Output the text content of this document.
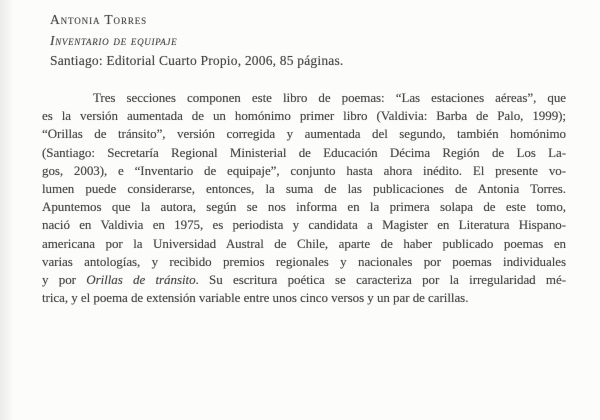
Antonia Torres
Inventario de equipaje
Santiago: Editorial Cuarto Propio, 2006, 85 páginas.
Tres secciones componen este libro de poemas: “Las estaciones aéreas”, que
es la versión aumentada de un homónimo primer libro (Valdivia: Barba de Palo, 1999);
“Orillas de tránsito”, versión corregida y aumentada del segundo, también homónimo
(Santiago: Secretaría Regional Ministerial de Educación Décima Región de Los La-
gos, 2003), e “Inventario de equipaje”, conjunto hasta ahora inédito. El presente vo-
lumen puede considerarse, entonces, la suma de las publicaciones de Antonia Torres.
Apuntemos que la autora, según se nos informa en la primera solapa de este tomo,
nació en Valdivia en 1975, es periodista y candidata a Magister en Literatura Hispano-
americana por la Universidad Austral de Chile, aparte de haber publicado poemas en
varias antologías, y recibido premios regionales y nacionales por poemas individuales
y por Orillas de tránsito. Su escritura poética se caracteriza por la irregularidad mé-
trica, y el poema de extensión variable entre unos cinco versos y un par de carillas.
